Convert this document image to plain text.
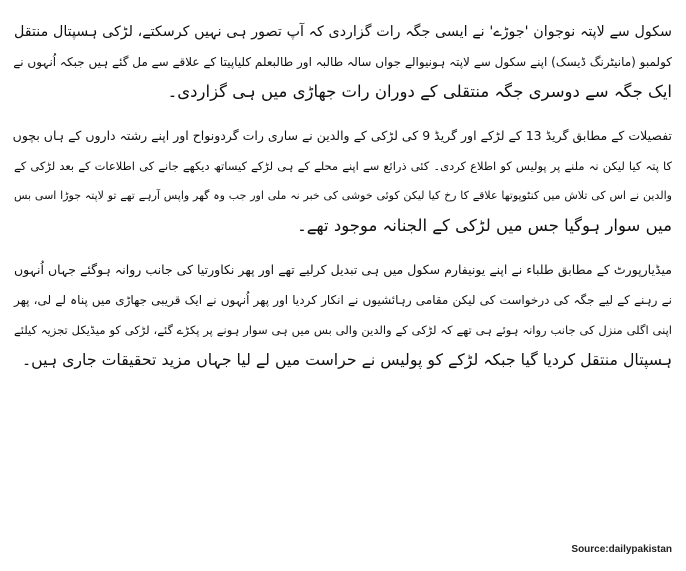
سکول سے لاپتہ نوجوان 'جوڑے' نے ایسی جگہ رات گزاردی کہ آپ تصور ہی نہیں کرسکتے، لڑکی ہسپتال منتقل
کولمبو (مانیٹرنگ ڈیسک) اپنے سکول سے لاپتہ ہونیوالے جواں سالہ طالبہ اور طالبعلم کلیاپیتا کے علاقے سے مل گئے ہیں جبکہ اُنہوں نے
ایک جگہ سے دوسری جگہ منتقلی کے دوران رات جھاڑی میں ہی گزاردی۔
تفصیلات کے مطابق گریڈ 13 کے لڑکے اور گریڈ 9 کی لڑکی کے والدین نے ساری رات گردونواح اور اپنے رشتہ داروں کے ہاں بچوں
کا پتہ کیا لیکن نہ ملنے پر پولیس کو اطلاع کردی۔ کئی ذرائع سے اپنے محلے کے ہی لڑکے کیساتھ دیکھے جانے کی اطلاعات کے بعد لڑکی کے
والدین نے اس کی تلاش میں کنٹوپوتھا علاقے کا رخ کیا لیکن کوئی خوشی کی خبر نہ ملی اور جب وہ گھر واپس آرہے تھے تو لاپتہ جوڑا اسی بس
میں سوار ہوگیا جس میں لڑکی کے الجنانہ موجود تھے۔
میڈیارپورٹ کے مطابق طلباء نے اپنے یونیفارم سکول میں ہی تبدیل کرلیے تھے اور پھر نکاورتیا کی جانب روانہ ہوگئے جہاں اُنہوں
نے رہنے کے لیے جگہ کی درخواست کی لیکن مقامی رہائشیوں نے انکار کردیا اور پھر اُنہوں نے ایک قریبی جھاڑی میں پناہ لے لی، پھر
اپنی اگلی منزل کی جانب روانہ ہوئے ہی تھے کہ لڑکی کے والدین والی بس میں ہی سوار ہونے پر پکڑے گئے، لڑکی کو میڈیکل تجزیہ کیلئے
ہسپتال منتقل کردیا گیا جبکہ لڑکے کو پولیس نے حراست میں لے لیا جہاں مزید تحقیقات جاری ہیں۔
Source:dailypakistan
